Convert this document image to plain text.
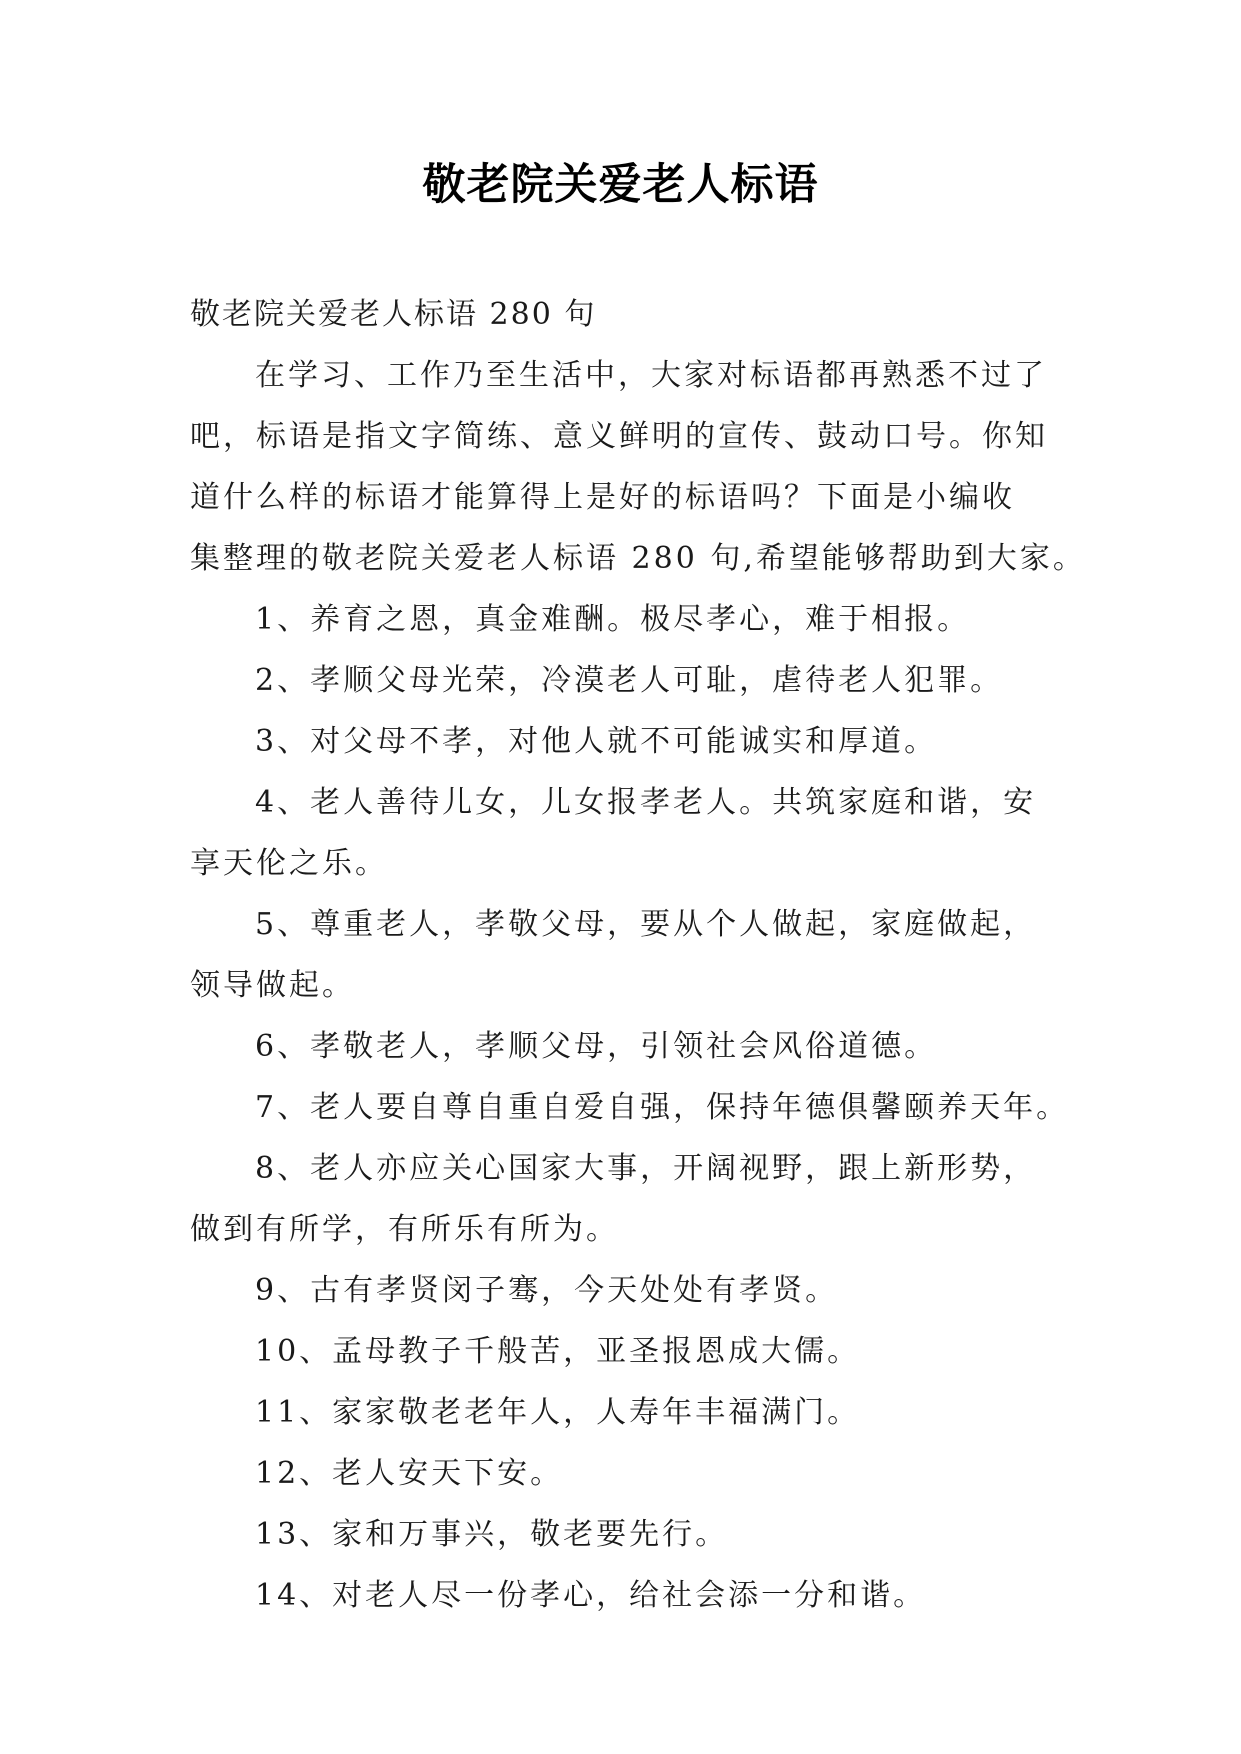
敬老院关爱老人标语

敬老院关爱老人标语 280 句

在学习、工作乃至生活中，大家对标语都再熟悉不过了

吧，标语是指文字简练、意义鲜明的宣传、鼓动口号。你知

道什么样的标语才能算得上是好的标语吗？下面是小编收

集整理的敬老院关爱老人标语 280 句,希望能够帮助到大家。

1、养育之恩，真金难酬。极尽孝心，难于相报。

2、孝顺父母光荣，冷漠老人可耻，虐待老人犯罪。

3、对父母不孝，对他人就不可能诚实和厚道。

4、老人善待儿女，儿女报孝老人。共筑家庭和谐，安

享天伦之乐。

5、尊重老人，孝敬父母，要从个人做起，家庭做起，

领导做起。

6、孝敬老人，孝顺父母，引领社会风俗道德。

7、老人要自尊自重自爱自强，保持年德俱馨颐养天年。

8、老人亦应关心国家大事，开阔视野，跟上新形势，

做到有所学，有所乐有所为。

9、古有孝贤闵子骞，今天处处有孝贤。

10、孟母教子千般苦，亚圣报恩成大儒。

11、家家敬老老年人，人寿年丰福满门。

12、老人安天下安。

13、家和万事兴，敬老要先行。

14、对老人尽一份孝心，给社会添一分和谐。
